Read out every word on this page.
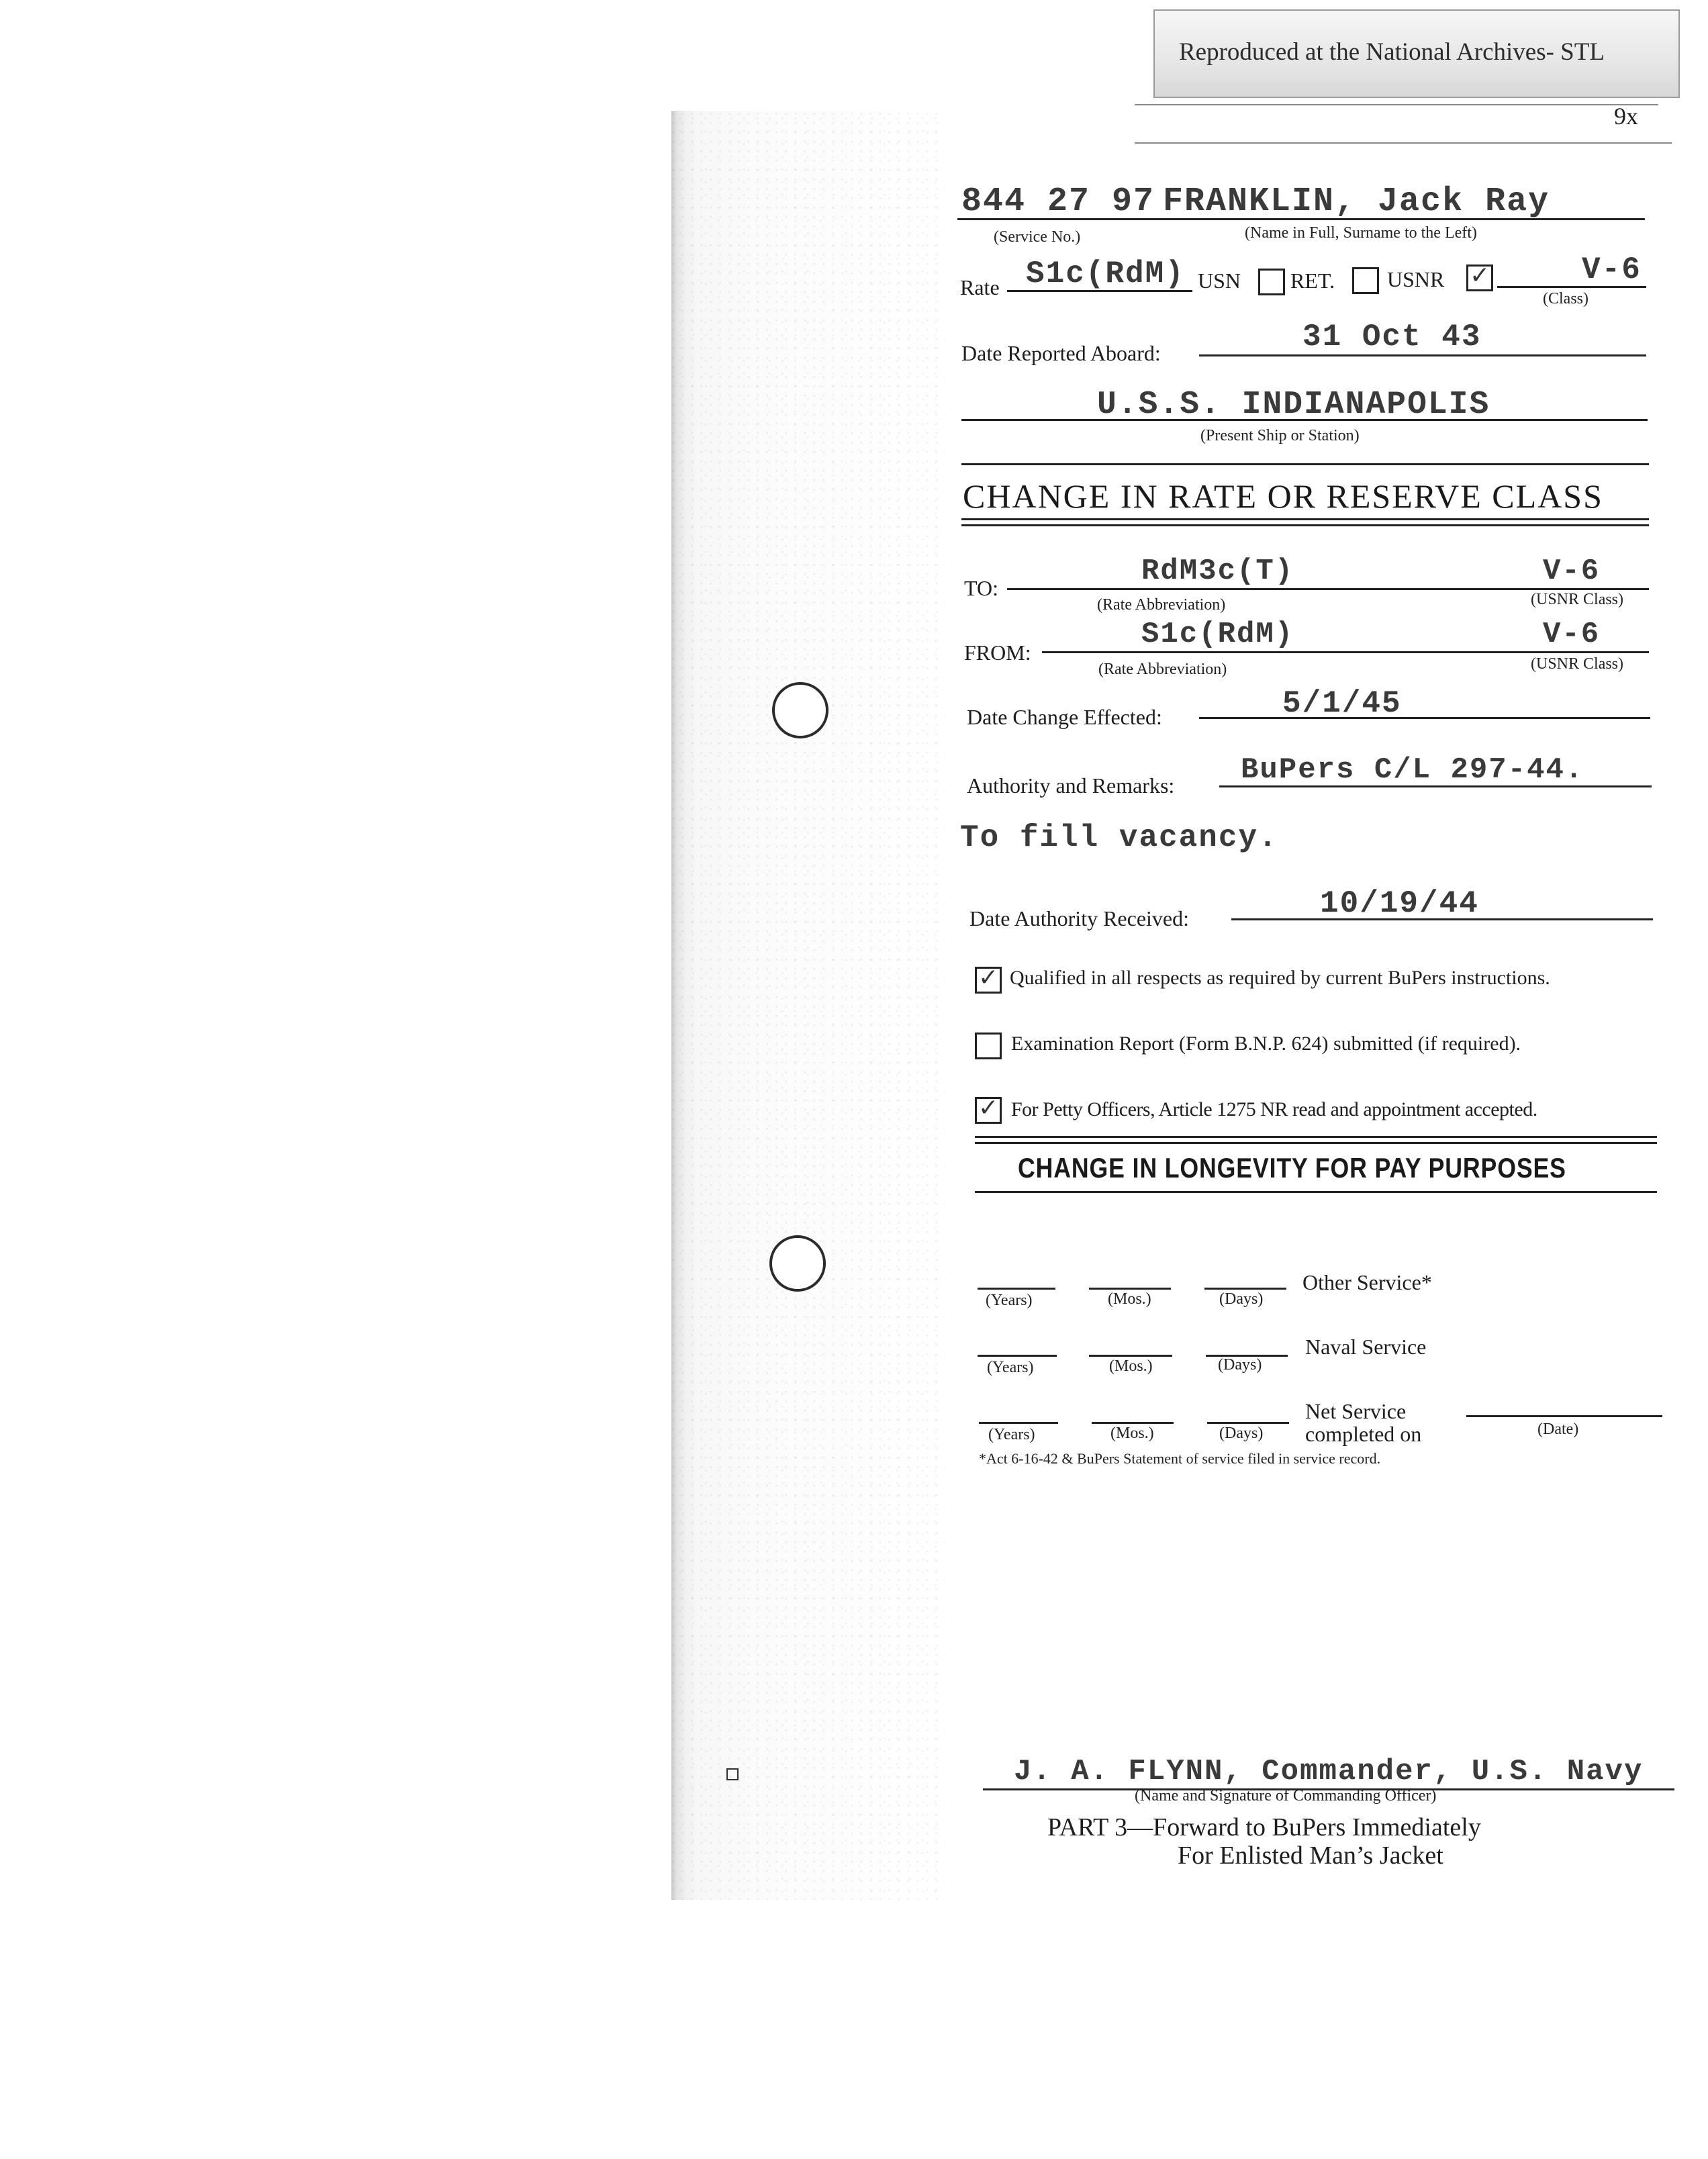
Reproduced at the National Archives- STL
9x
844 27 97 FRANKLIN, Jack Ray
(Service No.)	(Name in Full, Surname to the Left)
Rate S1c(RdM) USN RET. USNR
✓	V-6
(Class)
Date Reported Aboard:	31 Oct 43
U.S.S. INDIANAPOLIS
(Present Ship or Station)
CHANGE IN RATE OR RESERVE CLASS
TO:	RdM3c(T)	V-6
(Rate Abbreviation)	(USNR Class)
FROM:
S1c(RdM)	V-6
(Rate Abbreviation)	(USNR Class)
Date Change Effected:	5/1/45
Authority and Remarks: BuPers C/L 297-44.
To fill vacancy.
Date Authority Received:	10/19/44
✓
Qualified in all respects as required by current BuPers instructions.
Examination Report (Form B.N.P. 624) submitted (if required).
✓
For Petty Officers, Article 1275 NR read and appointment accepted.
CHANGE IN LONGEVITY FOR PAY PURPOSES
(Years)	(Mos.)	(Days)
Other Service*
(Years)	(Mos.)	(Days)
Naval Service
(Years)	(Mos.)	(Days)
Net Service
completed on	(Date)
*Act 6-16-42 & BuPers Statement of service filed in service record.
J. A. FLYNN, Commander, U.S. Navy
(Name and Signature of Commanding Officer)
PART 3—Forward to BuPers Immediately
For Enlisted Man’s Jacket
